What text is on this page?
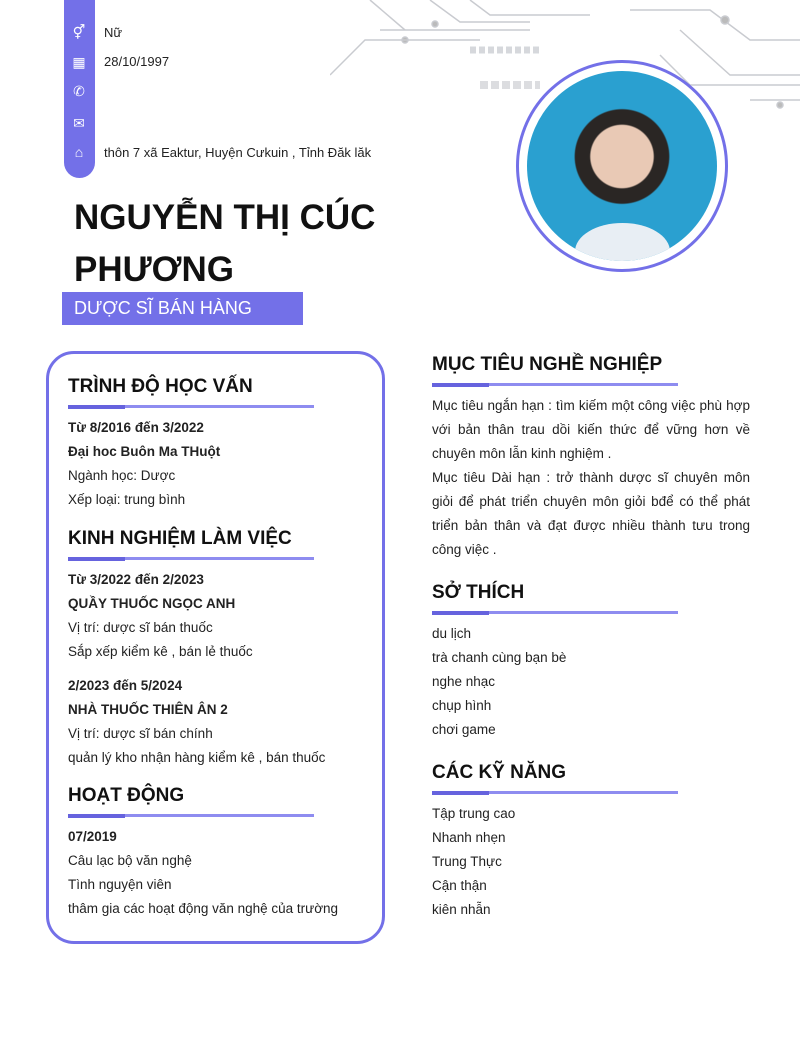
⚥
▦
✆
✉
⌂
Nữ
28/10/1997
thôn 7 xã Eaktur, Huyện Cưkuin , Tỉnh Đăk lăk
NGUYỄN THỊ CÚC PHƯƠNG
DƯỢC SĨ BÁN HÀNG
TRÌNH ĐỘ HỌC VẤN
Từ 8/2016 đến 3/2022
Đại hoc Buôn Ma THuột
Ngành học: Dược
Xếp loại: trung bình
KINH NGHIỆM LÀM VIỆC
Từ 3/2022 đến 2/2023
QUẦY THUỐC NGỌC ANH
Vị trí: dược sĩ bán thuốc
Sắp xếp kiểm kê , bán lẻ thuốc
2/2023 đến 5/2024
NHÀ THUỐC THIÊN ÂN 2
Vị trí: dược sĩ bán chính
quản lý kho nhận hàng kiểm kê , bán thuốc
HOẠT ĐỘNG
07/2019
Câu lạc bộ văn nghệ
Tình nguyện viên
thâm gia các hoạt động văn nghệ của trường
MỤC TIÊU NGHỀ NGHIỆP
Mục tiêu ngắn hạn : tìm kiếm một công việc phù hợp với bản thân trau dồi kiến thức để vững hơn về chuyên môn lẫn kinh nghiệm .
Mục tiêu Dài hạn : trở thành dược sĩ chuyên môn giỏi để phát triển chuyên môn giỏi bđể có thể phát triển bản thân và đạt được nhiều thành tưu trong công việc .
SỞ THÍCH
du lịch
trà chanh cùng bạn bè
nghe nhạc
chụp hình
chơi game
CÁC KỸ NĂNG
Tập trung cao
Nhanh nhẹn
Trung Thực
Cận thận
kiên nhẫn
